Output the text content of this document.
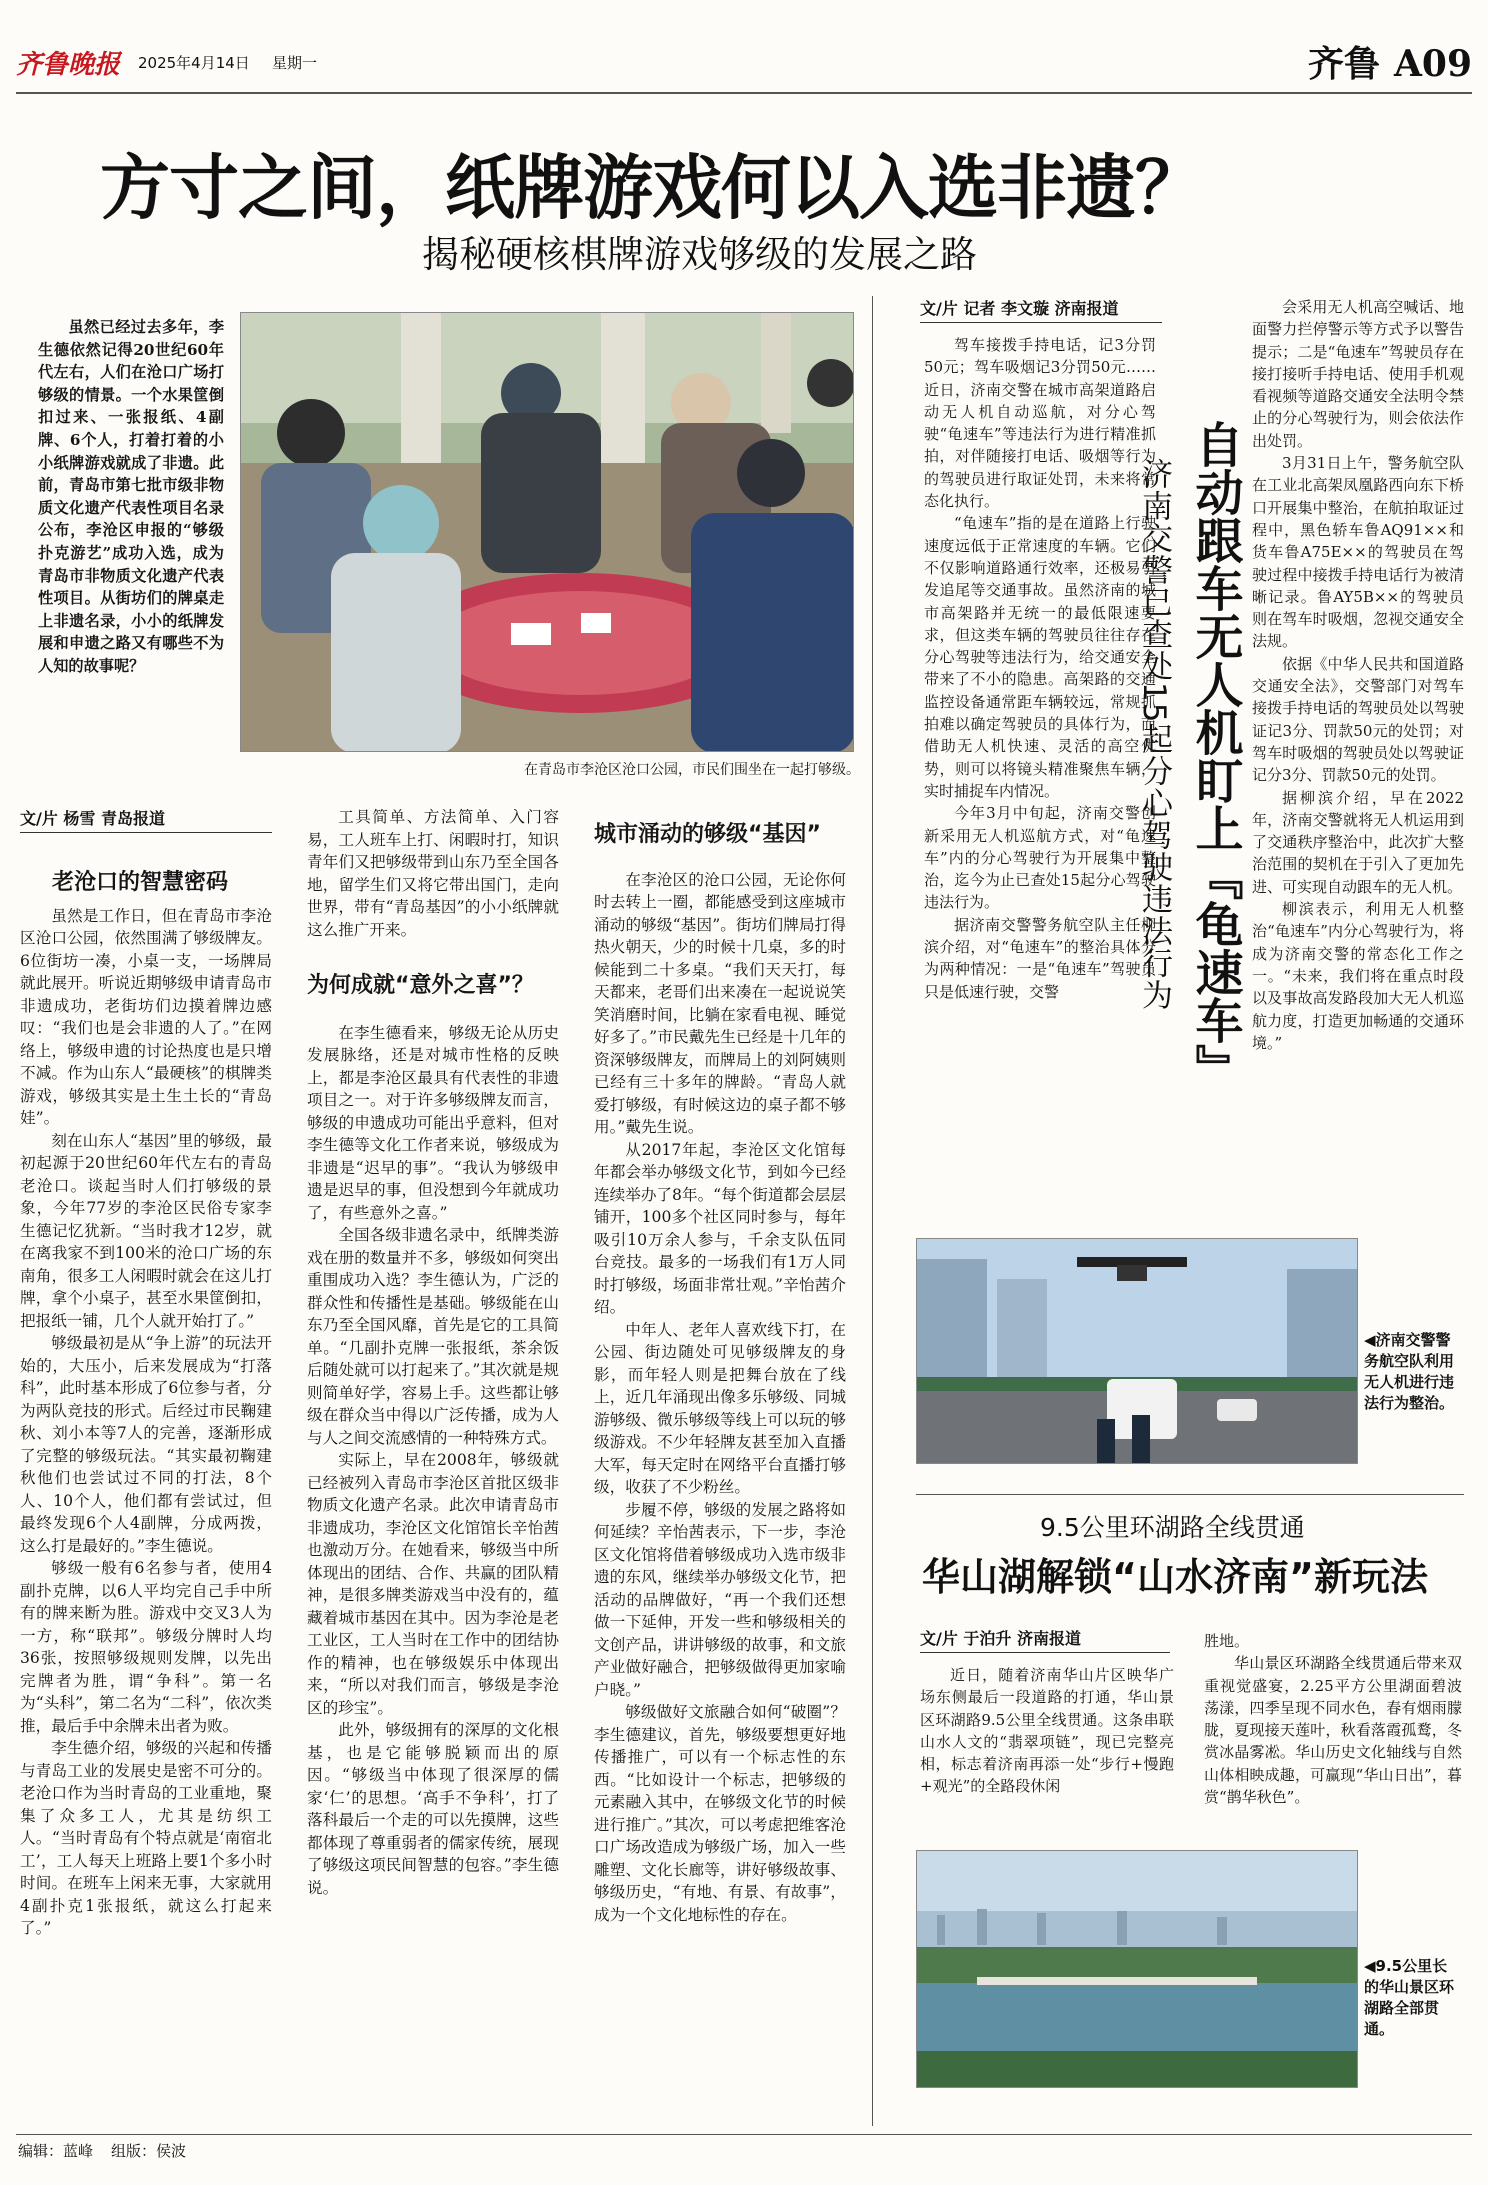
齐鲁晚报 2025年4月14日 星期一	齐鲁 A09
方寸之间，纸牌游戏何以入选非遗？
揭秘硬核棋牌游戏够级的发展之路

虽然已经过去多年，李生德依然记得20世纪60年代左右，人们在沧口广场打够级的情景。一个水果筐倒扣过来、一张报纸、4副牌、6个人，打着打着的小小纸牌游戏就成了非遗。此前，青岛市第七批市级非物质文化遗产代表性项目名录公布，李沧区申报的“够级扑克游艺”成功入选，成为青岛市非物质文化遗产代表性项目。从街坊们的牌桌走上非遗名录，小小的纸牌发展和申遗之路又有哪些不为人知的故事呢？

在青岛市李沧区沧口公园，市民们围坐在一起打够级。
文/片 杨雪 青岛报道

老沧口的智慧密码

虽然是工作日，但在青岛市李沧区沧口公园，依然围满了够级牌友。6位街坊一凑，小桌一支，一场牌局就此展开。听说近期够级申请青岛市非遗成功，老街坊们边摸着牌边感叹：“我们也是会非遗的人了。”在网络上，够级申遗的讨论热度也是只增不减。作为山东人“最硬核”的棋牌类游戏，够级其实是土生土长的“青岛娃”。

刻在山东人“基因”里的够级，最初起源于20世纪60年代左右的青岛老沧口。谈起当时人们打够级的景象，今年77岁的李沧区民俗专家李生德记忆犹新。“当时我才12岁，就在离我家不到100米的沧口广场的东南角，很多工人闲暇时就会在这儿打牌，拿个小桌子，甚至水果筐倒扣，把报纸一铺，几个人就开始打了。”

够级最初是从“争上游”的玩法开始的，大压小，后来发展成为“打落科”，此时基本形成了6位参与者，分为两队竞技的形式。后经过市民鞠建秋、刘小本等7人的完善，逐渐形成了完整的够级玩法。“其实最初鞠建秋他们也尝试过不同的打法，8个人、10个人，他们都有尝试过，但最终发现6个人4副牌，分成两拨，这么打是最好的。”李生德说。

够级一般有6名参与者，使用4副扑克牌，以6人平均完自己手中所有的牌来断为胜。游戏中交叉3人为一方，称“联邦”。够级分牌时人均36张，按照够级规则发牌，以先出完牌者为胜，谓“争科”。第一名为“头科”，第二名为“二科”，依次类推，最后手中余牌未出者为败。

李生德介绍，够级的兴起和传播与青岛工业的发展史是密不可分的。老沧口作为当时青岛的工业重地，聚集了众多工人，尤其是纺织工人。“当时青岛有个特点就是‘南宿北工’，工人每天上班路上要1个多小时时间。在班车上闲来无事，大家就用4副扑克1张报纸，就这么打起来了。”

工具简单、方法简单、入门容易，工人班车上打、闲暇时打，知识青年们又把够级带到山东乃至全国各地，留学生们又将它带出国门，走向世界，带有“青岛基因”的小小纸牌就这么推广开来。

为何成就“意外之喜”？

在李生德看来，够级无论从历史发展脉络，还是对城市性格的反映上，都是李沧区最具有代表性的非遗项目之一。对于许多够级牌友而言，够级的申遗成功可能出乎意料，但对李生德等文化工作者来说，够级成为非遗是“迟早的事”。“我认为够级申遗是迟早的事，但没想到今年就成功了，有些意外之喜。”

全国各级非遗名录中，纸牌类游戏在册的数量并不多，够级如何突出重围成功入选？李生德认为，广泛的群众性和传播性是基础。够级能在山东乃至全国风靡，首先是它的工具简单。“几副扑克牌一张报纸，茶余饭后随处就可以打起来了。”其次就是规则简单好学，容易上手。这些都让够级在群众当中得以广泛传播，成为人与人之间交流感情的一种特殊方式。

实际上，早在2008年，够级就已经被列入青岛市李沧区首批区级非物质文化遗产名录。此次申请青岛市非遗成功，李沧区文化馆馆长辛怡茜也激动万分。在她看来，够级当中所体现出的团结、合作、共赢的团队精神，是很多牌类游戏当中没有的，蕴藏着城市基因在其中。因为李沧是老工业区，工人当时在工作中的团结协作的精神，也在够级娱乐中体现出来，“所以对我们而言，够级是李沧区的珍宝”。

此外，够级拥有的深厚的文化根基，也是它能够脱颖而出的原因。“够级当中体现了很深厚的儒家‘仁’的思想。‘高手不争科’，打了落科最后一个走的可以先摸牌，这些都体现了尊重弱者的儒家传统，展现了够级这项民间智慧的包容。”李生德说。

城市涌动的够级“基因”

在李沧区的沧口公园，无论你何时去转上一圈，都能感受到这座城市涌动的够级“基因”。街坊们牌局打得热火朝天，少的时候十几桌，多的时候能到二十多桌。“我们天天打，每天都来，老哥们出来凑在一起说说笑笑消磨时间，比躺在家看电视、睡觉好多了。”市民戴先生已经是十几年的资深够级牌友，而牌局上的刘阿姨则已经有三十多年的牌龄。“青岛人就爱打够级，有时候这边的桌子都不够用。”戴先生说。

从2017年起，李沧区文化馆每年都会举办够级文化节，到如今已经连续举办了8年。“每个街道都会层层铺开，100多个社区同时参与，每年吸引10万余人参与，千余支队伍同台竞技。最多的一场我们有1万人同时打够级，场面非常壮观。”辛怡茜介绍。

中年人、老年人喜欢线下打，在公园、街边随处可见够级牌友的身影，而年轻人则是把舞台放在了线上，近几年涌现出像多乐够级、同城游够级、微乐够级等线上可以玩的够级游戏。不少年轻牌友甚至加入直播大军，每天定时在网络平台直播打够级，收获了不少粉丝。

步履不停，够级的发展之路将如何延续？辛怡茜表示，下一步，李沧区文化馆将借着够级成功入选市级非遗的东风，继续举办够级文化节，把活动的品牌做好，“再一个我们还想做一下延伸，开发一些和够级相关的文创产品，讲讲够级的故事，和文旅产业做好融合，把够级做得更加家喻户晓。”

够级做好文旅融合如何“破圈”？李生德建议，首先，够级要想更好地传播推广，可以有一个标志性的东西。“比如设计一个标志，把够级的元素融入其中，在够级文化节的时候进行推广。”其次，可以考虑把维客沧口广场改造成为够级广场，加入一些雕塑、文化长廊等，讲好够级故事、够级历史，“有地、有景、有故事”，成为一个文化地标性的存在。

文/片 记者 李文璇 济南报道

驾车接拨手持电话，记3分罚50元；驾车吸烟记3分罚50元……近日，济南交警在城市高架道路启动无人机自动巡航，对分心驾驶“龟速车”等违法行为进行精准抓拍，对伴随接打电话、吸烟等行为的驾驶员进行取证处罚，未来将常态化执行。

“龟速车”指的是在道路上行驶速度远低于正常速度的车辆。它们不仅影响道路通行效率，还极易引发追尾等交通事故。虽然济南的城市高架路并无统一的最低限速要求，但这类车辆的驾驶员往往存在分心驾驶等违法行为，给交通安全带来了不小的隐患。高架路的交通监控设备通常距车辆较远，常规抓拍难以确定驾驶员的具体行为，而借助无人机快速、灵活的高空优势，则可以将镜头精准聚焦车辆，实时捕捉车内情况。

今年3月中旬起，济南交警创新采用无人机巡航方式，对“龟速车”内的分心驾驶行为开展集中整治，迄今为止已查处15起分心驾驶违法行为。

据济南交警警务航空队主任柳滨介绍，对“龟速车”的整治具体分为两种情况：一是“龟速车”驾驶员只是低速行驶，交警	济南交警已查处15起分心驾驶违法行为 自动跟车无人机盯上『龟速车』

会采用无人机高空喊话、地面警力拦停警示等方式予以警告提示；二是“龟速车”驾驶员存在接打接听手持电话、使用手机观看视频等道路交通安全法明令禁止的分心驾驶行为，则会依法作出处罚。

3月31日上午，警务航空队在工业北高架凤凰路西向东下桥口开展集中整治，在航拍取证过程中，黑色轿车鲁AQ91××和货车鲁A75E××的驾驶员在驾驶过程中接拨手持电话行为被清晰记录。鲁AY5B××的驾驶员则在驾车时吸烟，忽视交通安全法规。

依据《中华人民共和国道路交通安全法》，交警部门对驾车接拨手持电话的驾驶员处以驾驶证记3分、罚款50元的处罚；对驾车时吸烟的驾驶员处以驾驶证记分3分、罚款50元的处罚。

据柳滨介绍，早在2022年，济南交警就将无人机运用到了交通秩序整治中，此次扩大整治范围的契机在于引入了更加先进、可实现自动跟车的无人机。

柳滨表示，利用无人机整治“龟速车”内分心驾驶行为，将成为济南交警的常态化工作之一。“未来，我们将在重点时段以及事故高发路段加大无人机巡航力度，打造更加畅通的交通环境。”

◀济南交警警务航空队利用无人机进行违法行为整治。
9.5公里环湖路全线贯通
华山湖解锁“山水济南”新玩法
文/片 于泊升 济南报道

近日，随着济南华山片区映华广场东侧最后一段道路的打通，华山景区环湖路9.5公里全线贯通。这条串联山水人文的“翡翠项链”，现已完整亮相，标志着济南再添一处“步行+慢跑+观光”的全路段休闲

胜地。

华山景区环湖路全线贯通后带来双重视觉盛宴，2.25平方公里湖面碧波荡漾，四季呈现不同水色，春有烟雨朦胧，夏现接天莲叶，秋看落霞孤鹜，冬赏冰晶雾凇。华山历史文化轴线与自然山体相映成趣，可赢现“华山日出”，暮赏“鹊华秋色”。

◀9.5公里长的华山景区环湖路全部贯通。
编辑：蓝峰 组版：侯波
